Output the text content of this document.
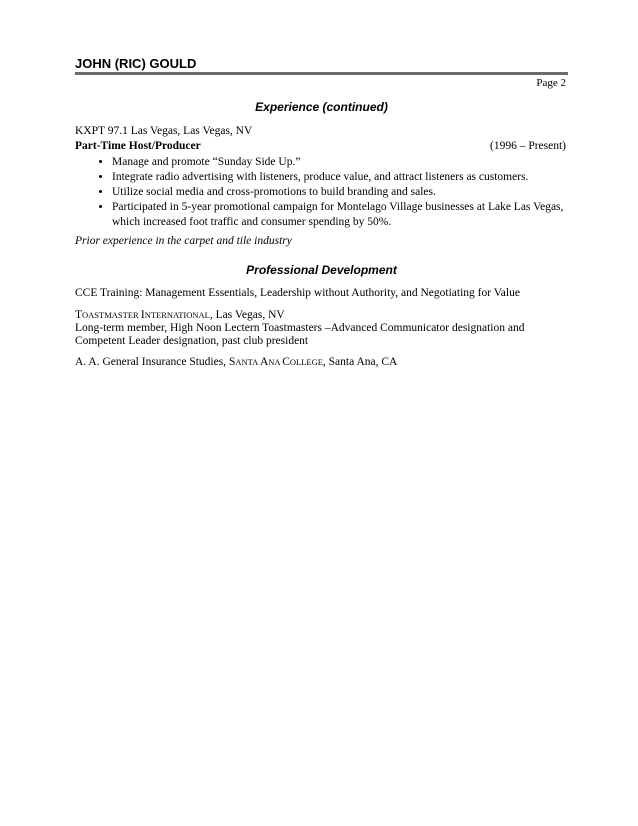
JOHN (RIC) GOULD
Page 2
Experience (continued)
KXPT 97.1 Las Vegas, Las Vegas, NV
Part-Time Host/Producer	(1996 – Present)
• Manage and promote “Sunday Side Up.”
• Integrate radio advertising with listeners, produce value, and attract listeners as customers.
• Utilize social media and cross-promotions to build branding and sales.
• Participated in 5-year promotional campaign for Montelago Village businesses at Lake Las Vegas, which increased foot traffic and consumer spending by 50%.
Prior experience in the carpet and tile industry
Professional Development
CCE Training: Management Essentials, Leadership without Authority, and Negotiating for Value
TOASTMASTER INTERNATIONAL, Las Vegas, NV
Long-term member, High Noon Lectern Toastmasters –Advanced Communicator designation and
Competent Leader designation, past club president
A. A. General Insurance Studies, SANTA ANA COLLEGE, Santa Ana, CA
